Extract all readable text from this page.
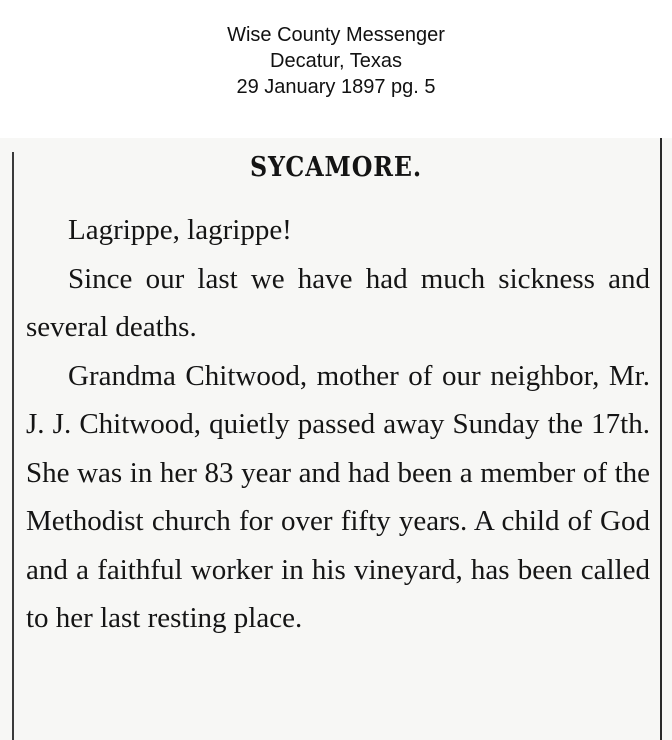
Wise County Messenger
Decatur, Texas
29 January 1897 pg. 5
SYCAMORE.

Lagrippe, lagrippe!

Since our last we have had much sickness and several deaths.

Grandma Chitwood, mother of our neighbor, Mr. J. J. Chitwood, quietly passed away Sunday the 17th. She was in her 83 year and had been a member of the Methodist church for over fifty years. A child of God and a faithful worker in his vineyard, has been called to her last resting place.
